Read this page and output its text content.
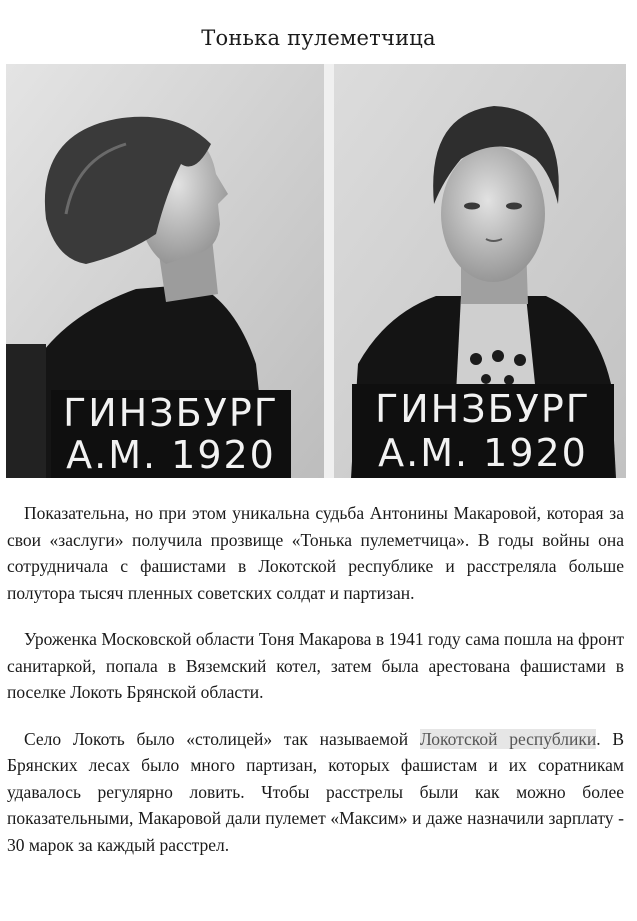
Тонька пулеметчица
ГИНЗБУРГ
А.М. 1920
ГИНЗБУРГ
А.М. 1920

Показательна, но при этом уникальна судьба Антонины Макаровой, которая за свои «заслуги» получила прозвище «Тонька пулеметчица». В годы войны она сотрудничала с фашистами в Локотской республике и расстреляла больше полутора тысяч пленных советских солдат и партизан.

Уроженка Московской области Тоня Макарова в 1941 году сама пошла на фронт санитаркой, попала в Вяземский котел, затем была арестована фашистами в поселке Локоть Брянской области.

Село Локоть было «столицей» так называемой Локотской республики. В Брянских лесах было много партизан, которых фашистам и их соратникам удавалось регулярно ловить. Чтобы расстрелы были как можно более показательными, Макаровой дали пулемет «Максим» и даже назначили зарплату - 30 марок за каждый расстрел.
